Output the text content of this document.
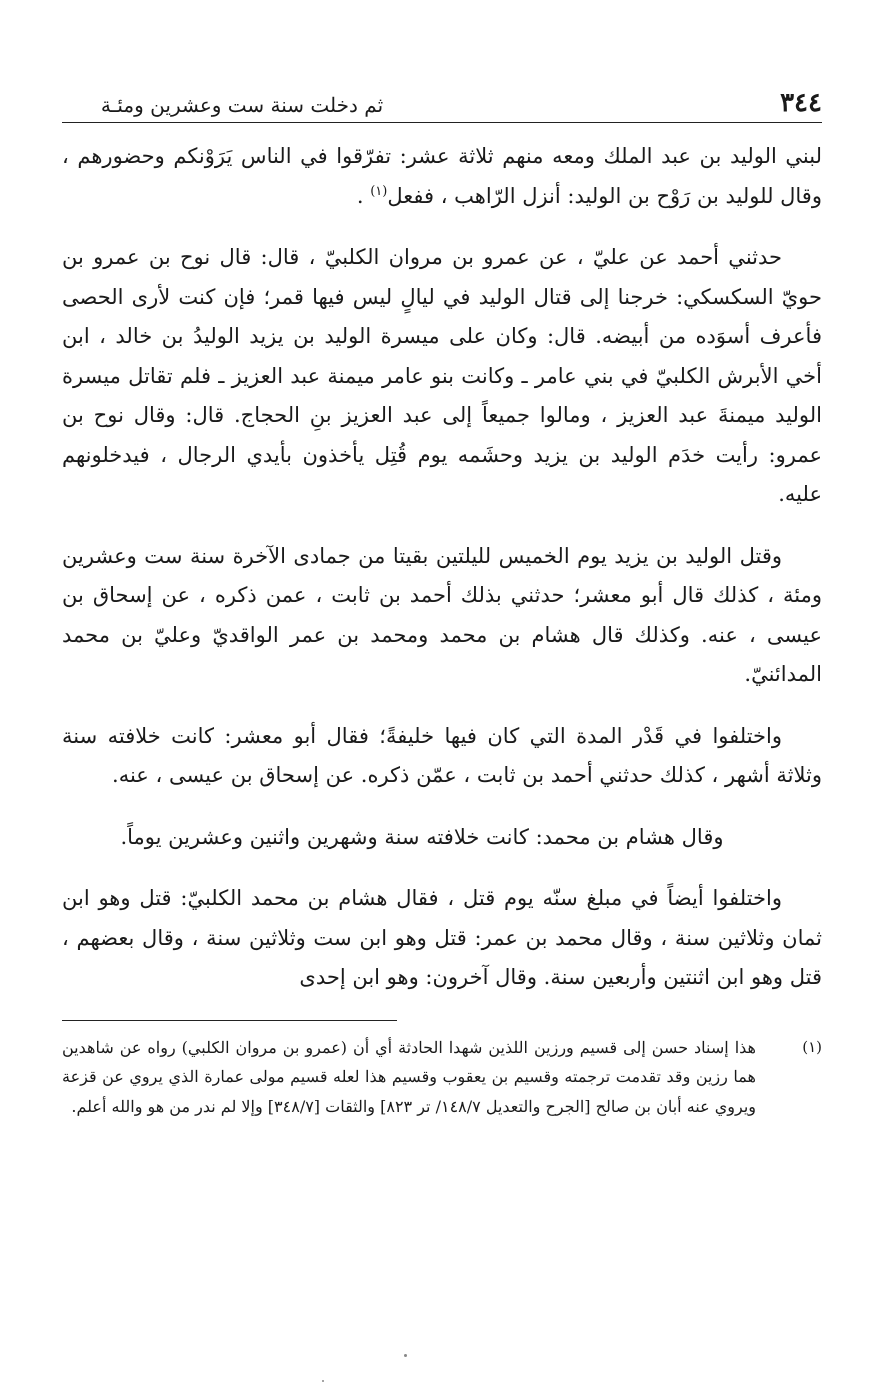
٣٤٤
ثم دخلت سنة ست وعشرين ومئـة

لبني الوليد بن عبد الملك ومعه منهم ثلاثة عشر: تفرّقوا في الناس يَرَوْنكم وحضورهم ، وقال للوليد بن رَوْح بن الوليد: أنزل الرّاهب ، ففعل$^{(١)}$ .

حدثني أحمد عن عليّ ، عن عمرو بن مروان الكلبيّ ، قال: قال نوح بن عمرو بن حويّ السكسكي: خرجنا إلى قتال الوليد في ليالٍ ليس فيها قمر؛ فإن كنت لأرى الحصى فأعرف أسوَده من أبيضه. قال: وكان على ميسرة الوليد بن يزيد الوليدُ بن خالد ، ابن أخي الأبرش الكلبيّ في بني عامر ـ وكانت بنو عامر ميمنة عبد العزيز ـ فلم تقاتل ميسرة الوليد ميمنةَ عبد العزيز ، ومالوا جميعاً إلى عبد العزيز بنِ الحجاج. قال: وقال نوح بن عمرو: رأيت خدَم الوليد بن يزيد وحشَمه يوم قُتِل يأخذون بأيدي الرجال ، فيدخلونهم عليه.

وقتل الوليد بن يزيد يوم الخميس لليلتين بقيتا من جمادى الآخرة سنة ست وعشرين ومئة ، كذلك قال أبو معشر؛ حدثني بذلك أحمد بن ثابت ، عمن ذكره ، عن إسحاق بن عيسى ، عنه. وكذلك قال هشام بن محمد ومحمد بن عمر الواقديّ وعليّ بن محمد المدائنيّ.

واختلفوا في قَدْر المدة التي كان فيها خليفةً؛ فقال أبو معشر: كانت خلافته سنة وثلاثة أشهر ، كذلك حدثني أحمد بن ثابت ، عمّن ذكره. عن إسحاق بن عيسى ، عنه.

وقال هشام بن محمد: كانت خلافته سنة وشهرين واثنين وعشرين يوماً.

واختلفوا أيضاً في مبلغ سنّه يوم قتل ، فقال هشام بن محمد الكلبيّ: قتل وهو ابن ثمان وثلاثين سنة ، وقال محمد بن عمر: قتل وهو ابن ست وثلاثين سنة ، وقال بعضهم ، قتل وهو ابن اثنتين وأربعين سنة. وقال آخرون: وهو ابن إحدى

(١)
هذا إسناد حسن إلى قسيم ورزين اللذين شهدا الحادثة أي أن (عمرو بن مروان الكلبي) رواه عن شاهدين هما رزين وقد تقدمت ترجمته وقسيم بن يعقوب وقسيم هذا لعله قسيم مولى عمارة الذي يروي عن قزعة ويروي عنه أبان بن صالح [الجرح والتعديل ١٤٨/٧/ تر ٨٢٣] والثقات [٣٤٨/٧] وإلا لم ندر من هو والله أعلم.
